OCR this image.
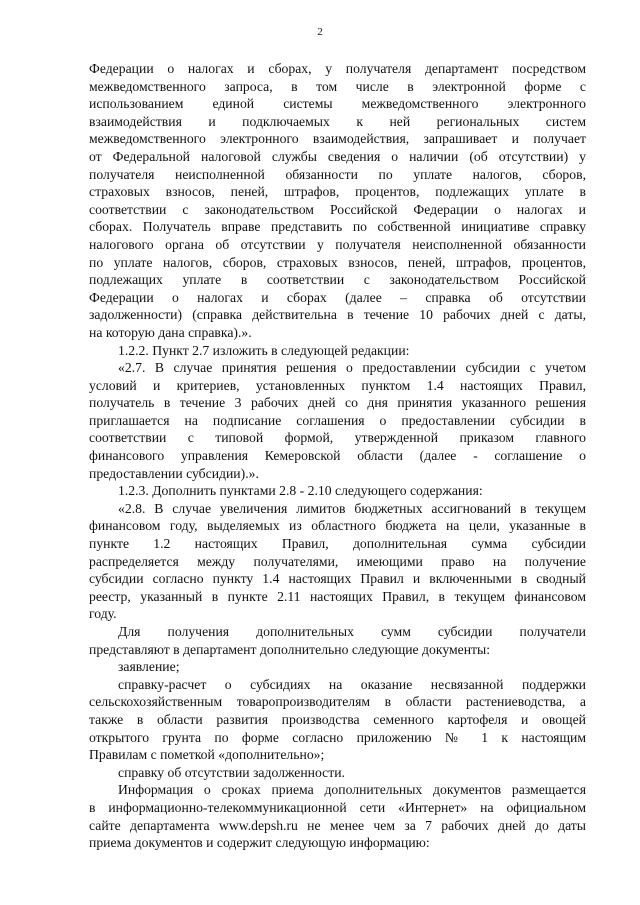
2
Федерации о налогах и сборах, у получателя департамент посредством
межведомственного запроса, в том числе в электронной форме с
использованием единой системы межведомственного электронного
взаимодействия и подключаемых к ней региональных систем
межведомственного электронного взаимодействия, запрашивает и получает
от Федеральной налоговой службы сведения о наличии (об отсутствии) у
получателя неисполненной обязанности по уплате налогов, сборов,
страховых взносов, пеней, штрафов, процентов, подлежащих уплате в
соответствии с законодательством Российской Федерации о налогах и
сборах. Получатель вправе представить по собственной инициативе справку
налогового органа об отсутствии у получателя неисполненной обязанности
по уплате налогов, сборов, страховых взносов, пеней, штрафов, процентов,
подлежащих уплате в соответствии с законодательством Российской
Федерации о налогах и сборах (далее – справка об отсутствии
задолженности) (справка действительна в течение 10 рабочих дней с даты,
на которую дана справка).».
1.2.2. Пункт 2.7 изложить в следующей редакции:
«2.7. В случае принятия решения о предоставлении субсидии с учетом
условий и критериев, установленных пунктом 1.4 настоящих Правил,
получатель в течение 3 рабочих дней со дня принятия указанного решения
приглашается на подписание соглашения о предоставлении субсидии в
соответствии с типовой формой, утвержденной приказом главного
финансового управления Кемеровской области (далее - соглашение о
предоставлении субсидии).».
1.2.3. Дополнить пунктами 2.8 - 2.10 следующего содержания:
«2.8. В случае увеличения лимитов бюджетных ассигнований в текущем
финансовом году, выделяемых из областного бюджета на цели, указанные в
пункте 1.2 настоящих Правил, дополнительная сумма субсидии
распределяется между получателями, имеющими право на получение
субсидии согласно пункту 1.4 настоящих Правил и включенными в сводный
реестр, указанный в пункте 2.11 настоящих Правил, в текущем финансовом
году.
Для получения дополнительных сумм субсидии получатели
представляют в департамент дополнительно следующие документы:
заявление;
справку-расчет о субсидиях на оказание несвязанной поддержки
сельскохозяйственным товаропроизводителям в области растениеводства, а
также в области развития производства семенного картофеля и овощей
открытого грунта по форме согласно приложению № 1 к настоящим
Правилам с пометкой «дополнительно»;
справку об отсутствии задолженности.
Информация о сроках приема дополнительных документов размещается
в информационно-телекоммуникационной сети «Интернет» на официальном
сайте департамента www.depsh.ru не менее чем за 7 рабочих дней до даты
приема документов и содержит следующую информацию:
